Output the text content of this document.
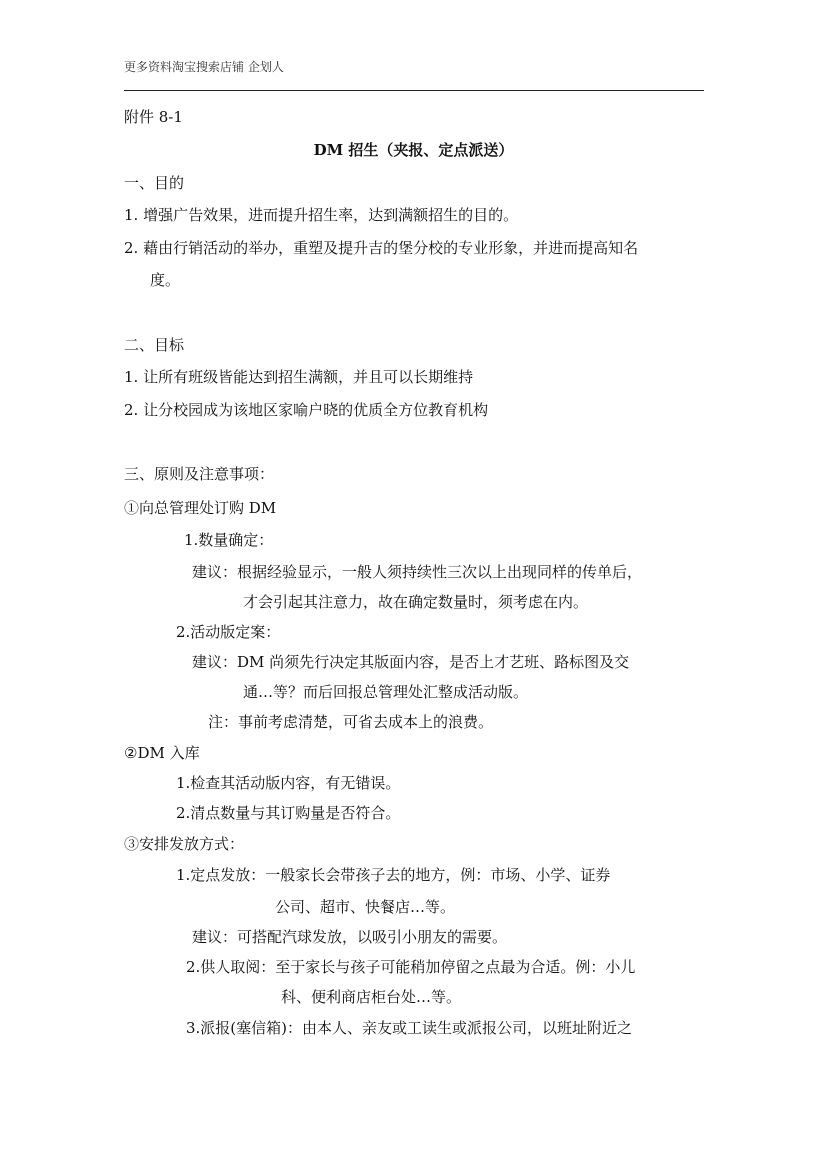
更多资料淘宝搜索店铺 企划人
附件 8-1
DM 招生（夹报、定点派送）
一、目的
1. 增强广告效果，进而提升招生率，达到满额招生的目的。
2. 藉由行销活动的举办，重塑及提升吉的堡分校的专业形象，并进而提高知名
度。
二、目标
1. 让所有班级皆能达到招生满额，并且可以长期维持
2. 让分校园成为该地区家喻户晓的优质全方位教育机构
三、原则及注意事项：
①向总管理处订购 DM
1.数量确定：
建议：根据经验显示，一般人须持续性三次以上出现同样的传单后，
才会引起其注意力，故在确定数量时，须考虑在内。
2.活动版定案：
建议：DM 尚须先行决定其版面内容，是否上才艺班、路标图及交
通…等？而后回报总管理处汇整成活动版。
注：事前考虑清楚，可省去成本上的浪费。
②DM 入库
1.检查其活动版内容，有无错误。
2.清点数量与其订购量是否符合。
③安排发放方式：
1.定点发放：一般家长会带孩子去的地方，例：市场、小学、证券
公司、超市、快餐店…等。
建议：可搭配汽球发放，以吸引小朋友的需要。
2.供人取阅：至于家长与孩子可能稍加停留之点最为合适。例：小儿
科、便利商店柜台处…等。
3.派报(塞信箱)：由本人、亲友或工读生或派报公司，以班址附近之
